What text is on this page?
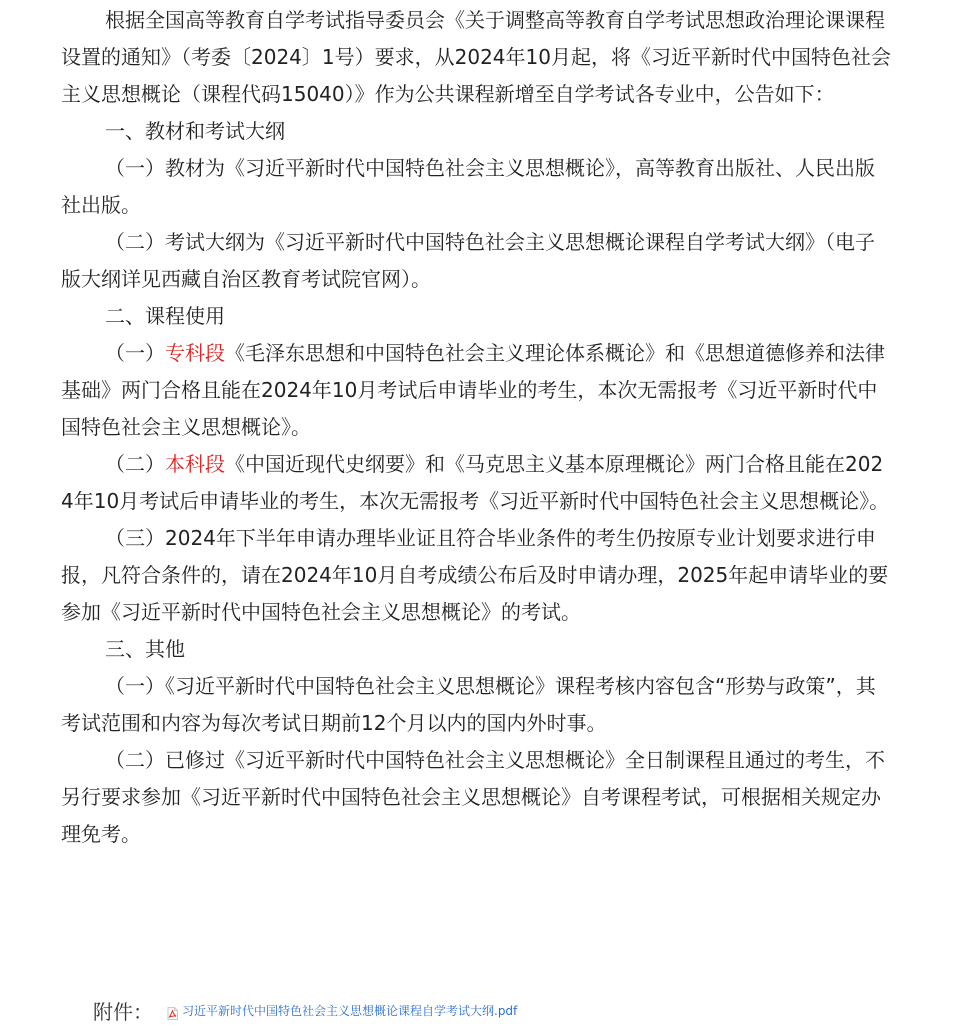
根据全国高等教育自学考试指导委员会《关于调整高等教育自学考试思想政治理论课课程设置的通知》（考委〔2024〕1号）要求，从2024年10月起，将《习近平新时代中国特色社会主义思想概论（课程代码15040）》作为公共课程新增至自学考试各专业中，公告如下：

一、教材和考试大纲

（一）教材为《习近平新时代中国特色社会主义思想概论》，高等教育出版社、人民出版社出版。

（二）考试大纲为《习近平新时代中国特色社会主义思想概论课程自学考试大纲》（电子版大纲详见西藏自治区教育考试院官网）。

二、课程使用

（一）专科段《毛泽东思想和中国特色社会主义理论体系概论》和《思想道德修养和法律基础》两门合格且能在2024年10月考试后申请毕业的考生，本次无需报考《习近平新时代中国特色社会主义思想概论》。

（二）本科段《中国近现代史纲要》和《马克思主义基本原理概论》两门合格且能在2024年10月考试后申请毕业的考生，本次无需报考《习近平新时代中国特色社会主义思想概论》。

（三）2024年下半年申请办理毕业证且符合毕业条件的考生仍按原专业计划要求进行申报，凡符合条件的，请在2024年10月自考成绩公布后及时申请办理，2025年起申请毕业的要参加《习近平新时代中国特色社会主义思想概论》的考试。

三、其他

（一）《习近平新时代中国特色社会主义思想概论》课程考核内容包含“形势与政策”，其考试范围和内容为每次考试日期前12个月以内的国内外时事。

（二）已修过《习近平新时代中国特色社会主义思想概论》全日制课程且通过的考生，不另行要求参加《习近平新时代中国特色社会主义思想概论》自考课程考试，可根据相关规定办理免考。

附件： 习近平新时代中国特色社会主义思想概论课程自学考试大纲.pdf
